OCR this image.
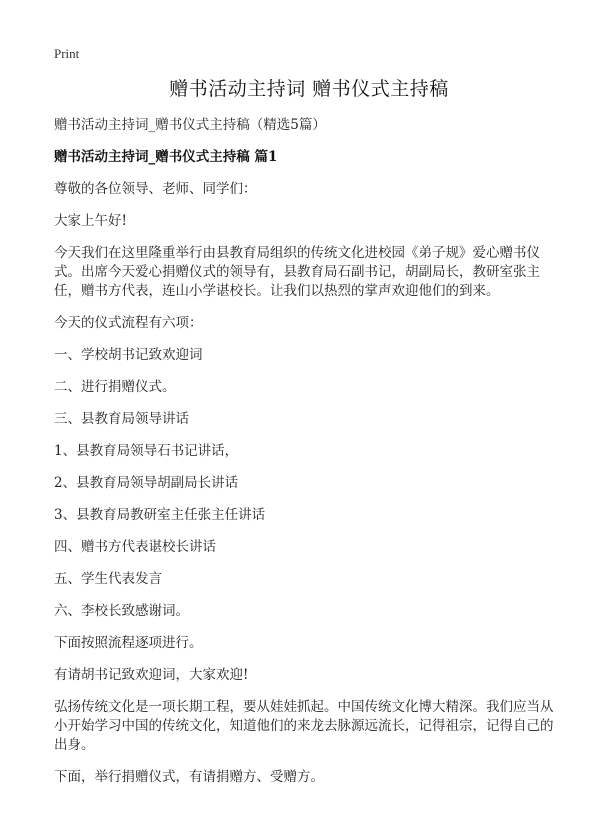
Print
赠书活动主持词 赠书仪式主持稿

赠书活动主持词_赠书仪式主持稿（精选5篇）

赠书活动主持词_赠书仪式主持稿 篇1

尊敬的各位领导、老师、同学们：

大家上午好!

今天我们在这里隆重举行由县教育局组织的传统文化进校园《弟子规》爱心赠书仪式。出席今天爱心捐赠仪式的领导有，县教育局石副书记，胡副局长，教研室张主任，赠书方代表，连山小学谌校长。让我们以热烈的掌声欢迎他们的到来。

今天的仪式流程有六项：

一、学校胡书记致欢迎词

二、进行捐赠仪式。

三、县教育局领导讲话

1、县教育局领导石书记讲话，

2、县教育局领导胡副局长讲话

3、县教育局教研室主任张主任讲话

四、赠书方代表谌校长讲话

五、学生代表发言

六、李校长致感谢词。

下面按照流程逐项进行。

有请胡书记致欢迎词，大家欢迎!

弘扬传统文化是一项长期工程，要从娃娃抓起。中国传统文化博大精深。我们应当从小开始学习中国的传统文化，知道他们的来龙去脉源远流长，记得祖宗，记得自己的出身。

下面，举行捐赠仪式，有请捐赠方、受赠方。
